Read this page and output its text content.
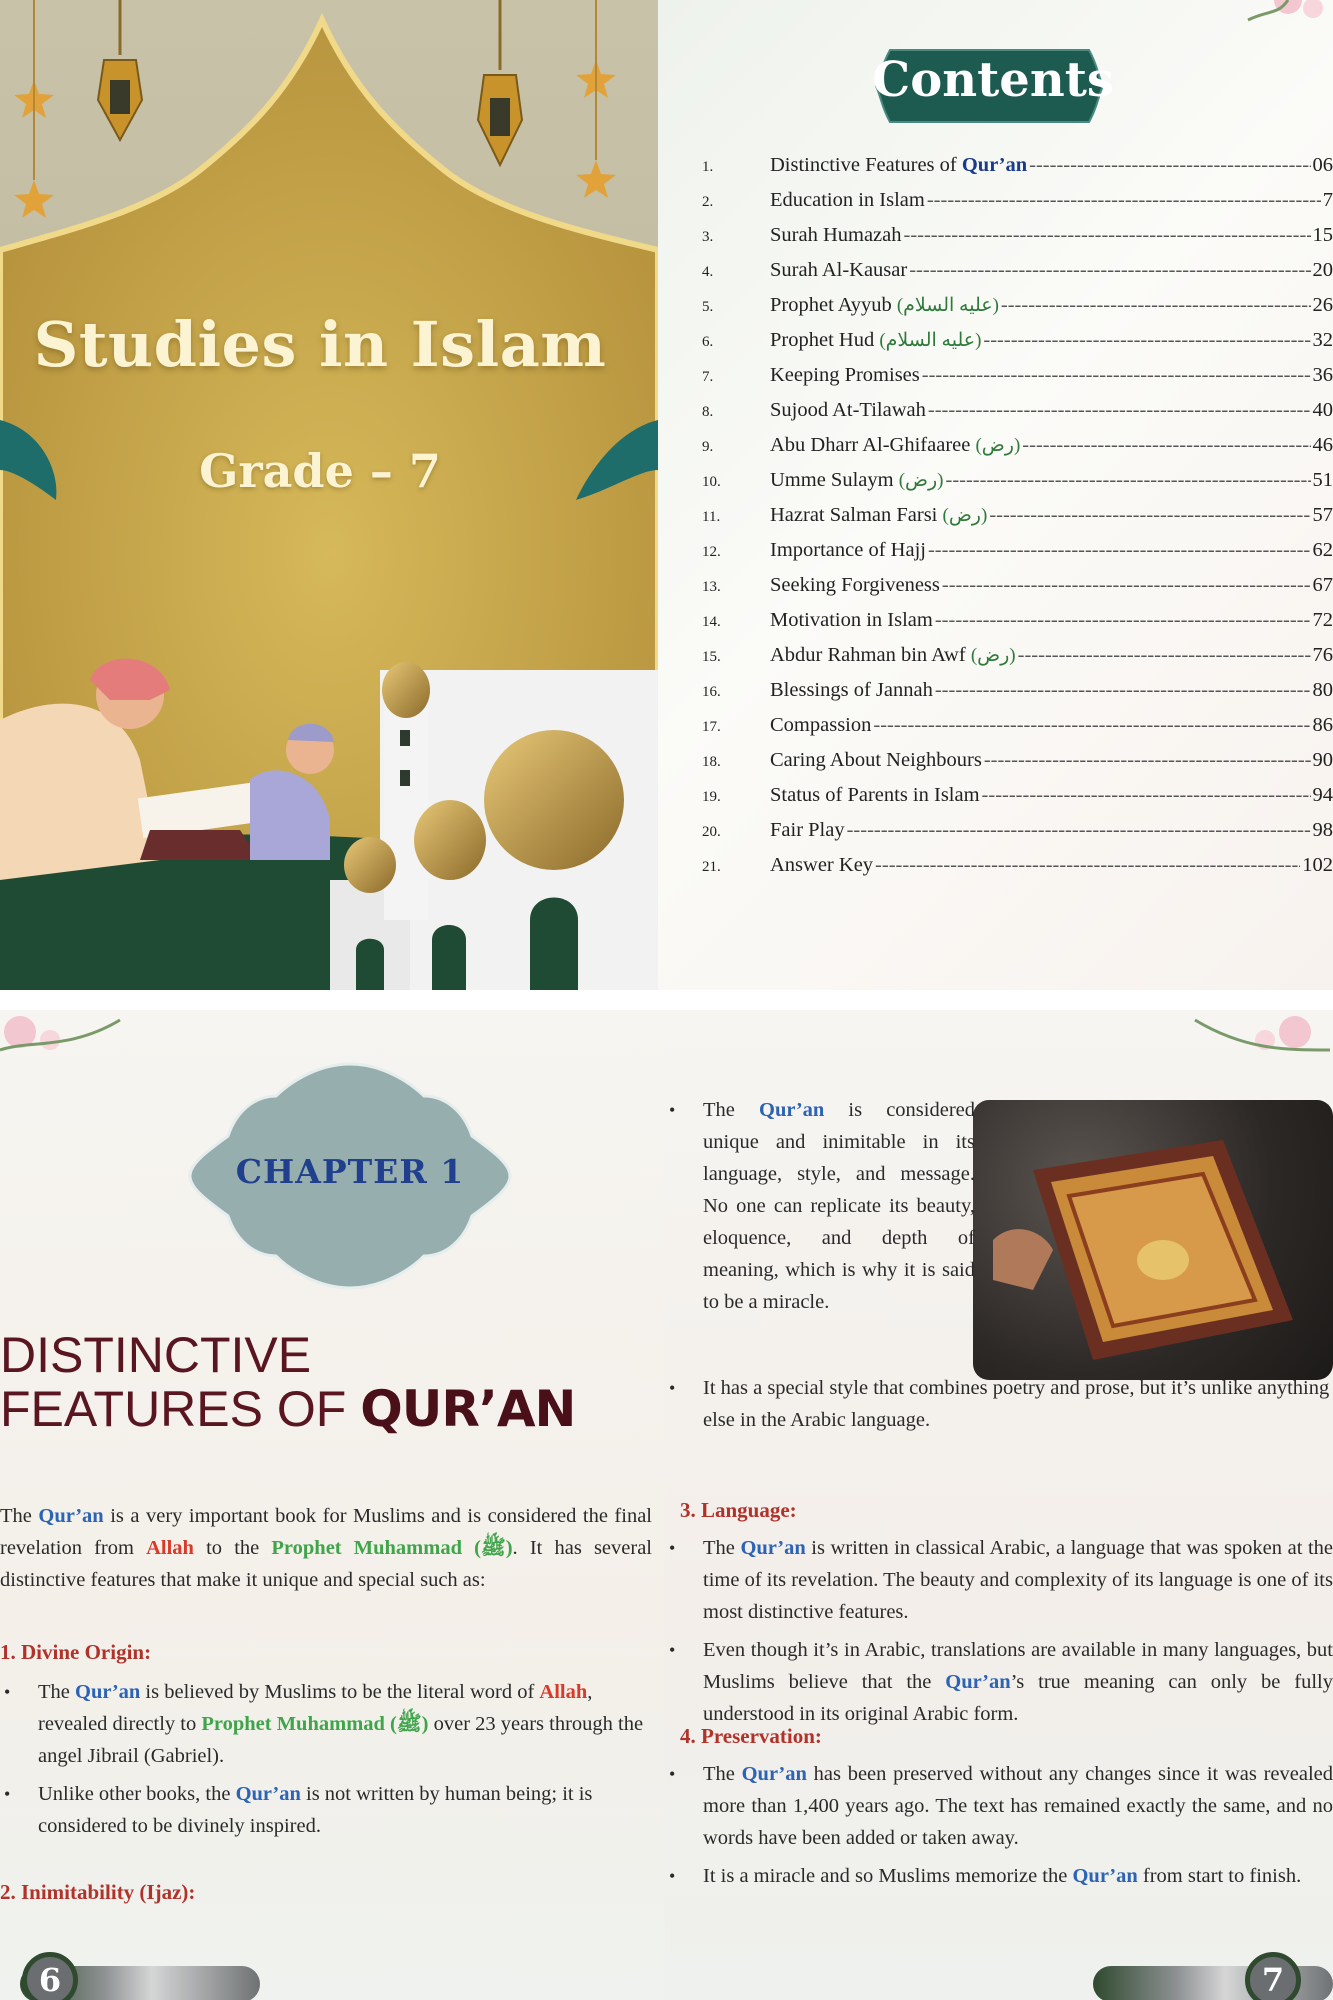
Studies in Islam
Grade – 7
Contents
1.	Distinctive Features of Qur’an -----	06
2.	Education in Islam -----	7
3.	Surah Humazah -----	15
4.	Surah Al-Kausar -----	20
5.	Prophet Ayyub (عليه السلام) -----	26
6.	Prophet Hud (عليه السلام) -----	32
7.	Keeping Promises -----	36
8.	Sujood At-Tilawah -----	40
9.	Abu Dharr Al-Ghifaaree (رض) -----	46
10.	Umme Sulaym (رض) -----	51
11.	Hazrat Salman Farsi (رض) -----	57
12.	Importance of Hajj -----	62
13.	Seeking Forgiveness -----	67
14.	Motivation in Islam -----	72
15.	Abdur Rahman bin Awf (رض) -----	76
16.	Blessings of Jannah -----	80
17.	Compassion -----	86
18.	Caring About Neighbours -----	90
19.	Status of Parents in Islam -----	94
20.	Fair Play -----	98
21.	Answer Key -----	102
CHAPTER 1
DISTINCTIVE
FEATURES OF QUR’AN

The Qur’an is a very important book for Muslims and is considered the final revelation from Allah to the Prophet Muhammad (ﷺ). It has several distinctive features that make it unique and special such as:

1. Divine Origin:
• The Qur’an is believed by Muslims to be the literal word of Allah, revealed directly to Prophet Muhammad (ﷺ) over 23 years through the angel Jibrail (Gabriel).
• Unlike other books, the Qur’an is not written by human being; it is considered to be divinely inspired.
2. Inimitability (Ijaz):
6
• The Qur’an is considered unique and inimitable in its language, style, and message. No one can replicate its beauty, eloquence, and depth of meaning, which is why it is said to be a miracle.
• It has a special style that combines poetry and prose, but it’s unlike anything else in the Arabic language.
3. Language:
• The Qur’an is written in classical Arabic, a language that was spoken at the time of its revelation. The beauty and complexity of its language is one of its most distinctive features.
• Even though it’s in Arabic, translations are available in many languages, but Muslims believe that the Qur’an’s true meaning can only be fully understood in its original Arabic form.
4. Preservation:
• The Qur’an has been preserved without any changes since it was revealed more than 1,400 years ago. The text has remained exactly the same, and no words have been added or taken away.
• It is a miracle and so Muslims memorize the Qur’an from start to finish.
7
